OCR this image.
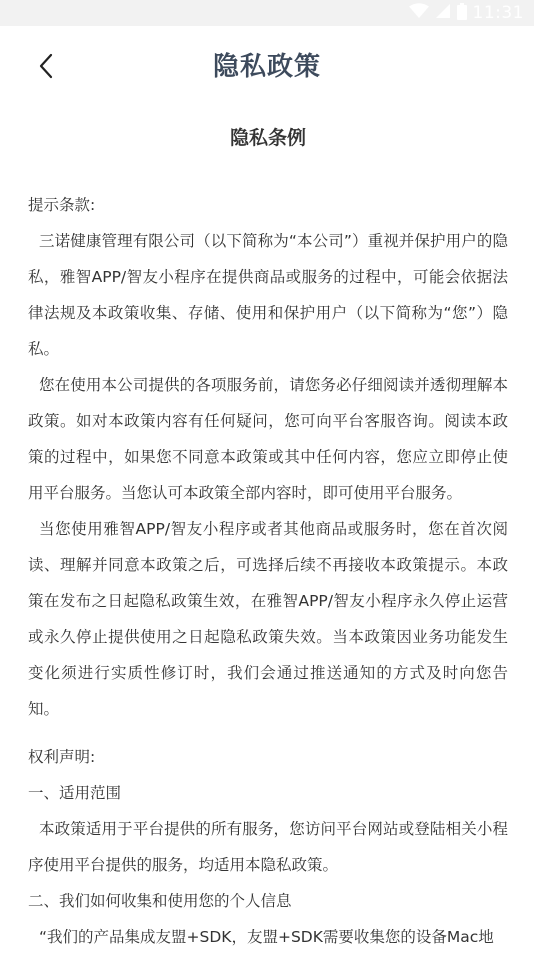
11:31
隐私政策
隐私条例
提示条款:

三诺健康管理有限公司（以下简称为“本公司”）重视并保护用户的隐私，雅智APP/智友小程序在提供商品或服务的过程中，可能会依据法律法规及本政策收集、存储、使用和保护用户（以下简称为“您”）隐私。

您在使用本公司提供的各项服务前，请您务必仔细阅读并透彻理解本政策。如对本政策内容有任何疑问，您可向平台客服咨询。阅读本政策的过程中，如果您不同意本政策或其中任何内容，您应立即停止使用平台服务。当您认可本政策全部内容时，即可使用平台服务。

当您使用雅智APP/智友小程序或者其他商品或服务时，您在首次阅读、理解并同意本政策之后，可选择后续不再接收本政策提示。本政策在发布之日起隐私政策生效，在雅智APP/智友小程序永久停止运营或永久停止提供使用之日起隐私政策失效。当本政策因业务功能发生变化须进行实质性修订时，我们会通过推送通知的方式及时向您告知。

权利声明:

一、适用范围

本政策适用于平台提供的所有服务，您访问平台网站或登陆相关小程序使用平台提供的服务，均适用本隐私政策。

二、我们如何收集和使用您的个人信息

“我们的产品集成友盟+SDK，友盟+SDK需要收集您的设备Mac地
